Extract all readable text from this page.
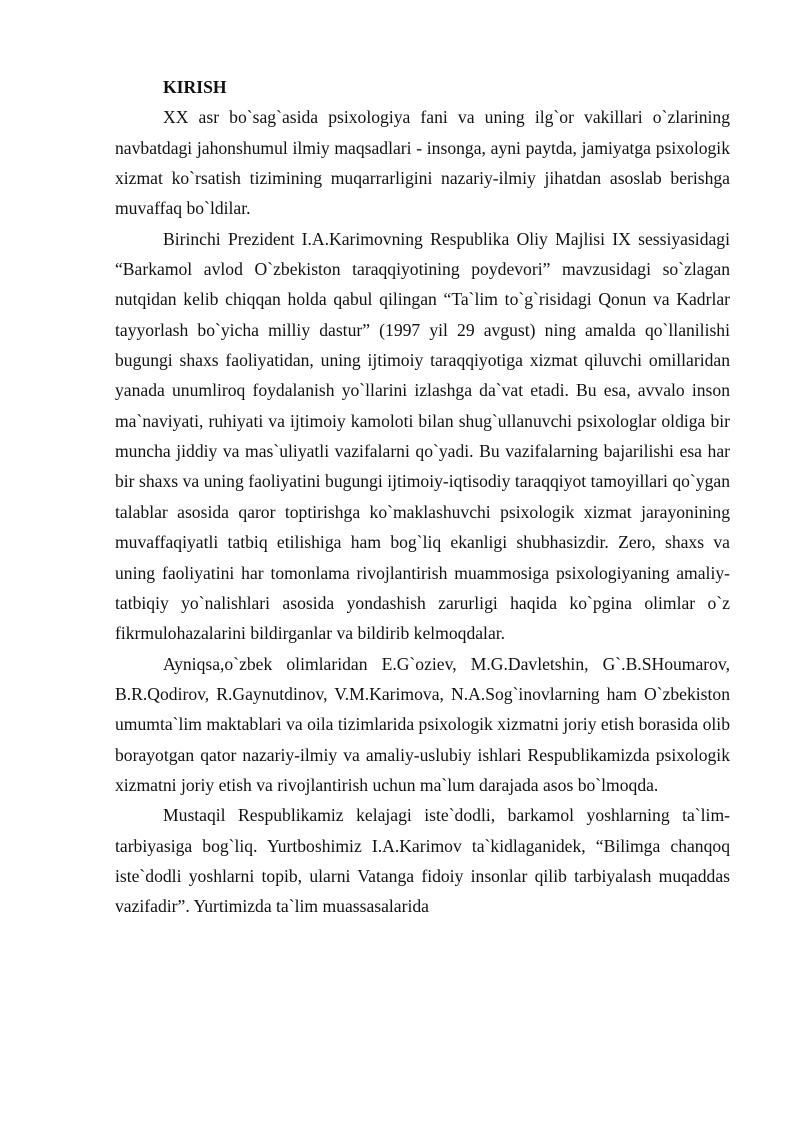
KIRISH

XX asr bo`sag`asida psixologiya fani va uning ilg`or vakillari o`zlarining navbatdagi jahonshumul ilmiy maqsadlari - insonga, ayni paytda, jamiyatga psixologik xizmat ko`rsatish tizimining muqarrarligini nazariy-ilmiy jihatdan asoslab berishga muvaffaq bo`ldilar.

Birinchi Prezident I.A.Karimovning Respublika Oliy Majlisi IX sessiyasidagi “Barkamol avlod O`zbekiston taraqqiyotining poydevori” mavzusidagi so`zlagan nutqidan kelib chiqqan holda qabul qilingan “Ta`lim to`g`risidagi Qonun va Kadrlar tayyorlash bo`yicha milliy dastur” (1997 yil 29 avgust) ning amalda qo`llanilishi bugungi shaxs faoliyatidan, uning ijtimoiy taraqqiyotiga xizmat qiluvchi omillaridan yanada unumliroq foydalanish yo`llarini izlashga da`vat etadi. Bu esa, avvalo inson ma`naviyati, ruhiyati va ijtimoiy kamoloti bilan shug`ullanuvchi psixologlar oldiga bir muncha jiddiy va mas`uliyatli vazifalarni qo`yadi. Bu vazifalarning bajarilishi esa har bir shaxs va uning faoliyatini bugungi ijtimoiy-iqtisodiy taraqqiyot tamoyillari qo`ygan talablar asosida qaror toptirishga ko`maklashuvchi psixologik xizmat jarayonining muvaffaqiyatli tatbiq etilishiga ham bog`liq ekanligi shubhasizdir. Zero, shaxs va uning faoliyatini har tomonlama rivojlantirish muammosiga psixologiyaning amaliy-tatbiqiy yo`nalishlari asosida yondashish zarurligi haqida ko`pgina olimlar o`z fikrmulohazalarini bildirganlar va bildirib kelmoqdalar.

Ayniqsa,o`zbek olimlaridan E.G`oziev, M.G.Davletshin, G`.B.SHoumarov, B.R.Qodirov, R.Gaynutdinov, V.M.Karimova, N.A.Sog`inovlarning ham O`zbekiston umumta`lim maktablari va oila tizimlarida psixologik xizmatni joriy etish borasida olib borayotgan qator nazariy-ilmiy va amaliy-uslubiy ishlari Respublikamizda psixologik xizmatni joriy etish va rivojlantirish uchun ma`lum darajada asos bo`lmoqda.

Mustaqil Respublikamiz kelajagi iste`dodli, barkamol yoshlarning ta`lim-tarbiyasiga bog`liq. Yurtboshimiz I.A.Karimov ta`kidlaganidek, “Bilimga chanqoq iste`dodli yoshlarni topib, ularni Vatanga fidoiy insonlar qilib tarbiyalash muqaddas vazifadir”. Yurtimizda ta`lim muassasalarida
